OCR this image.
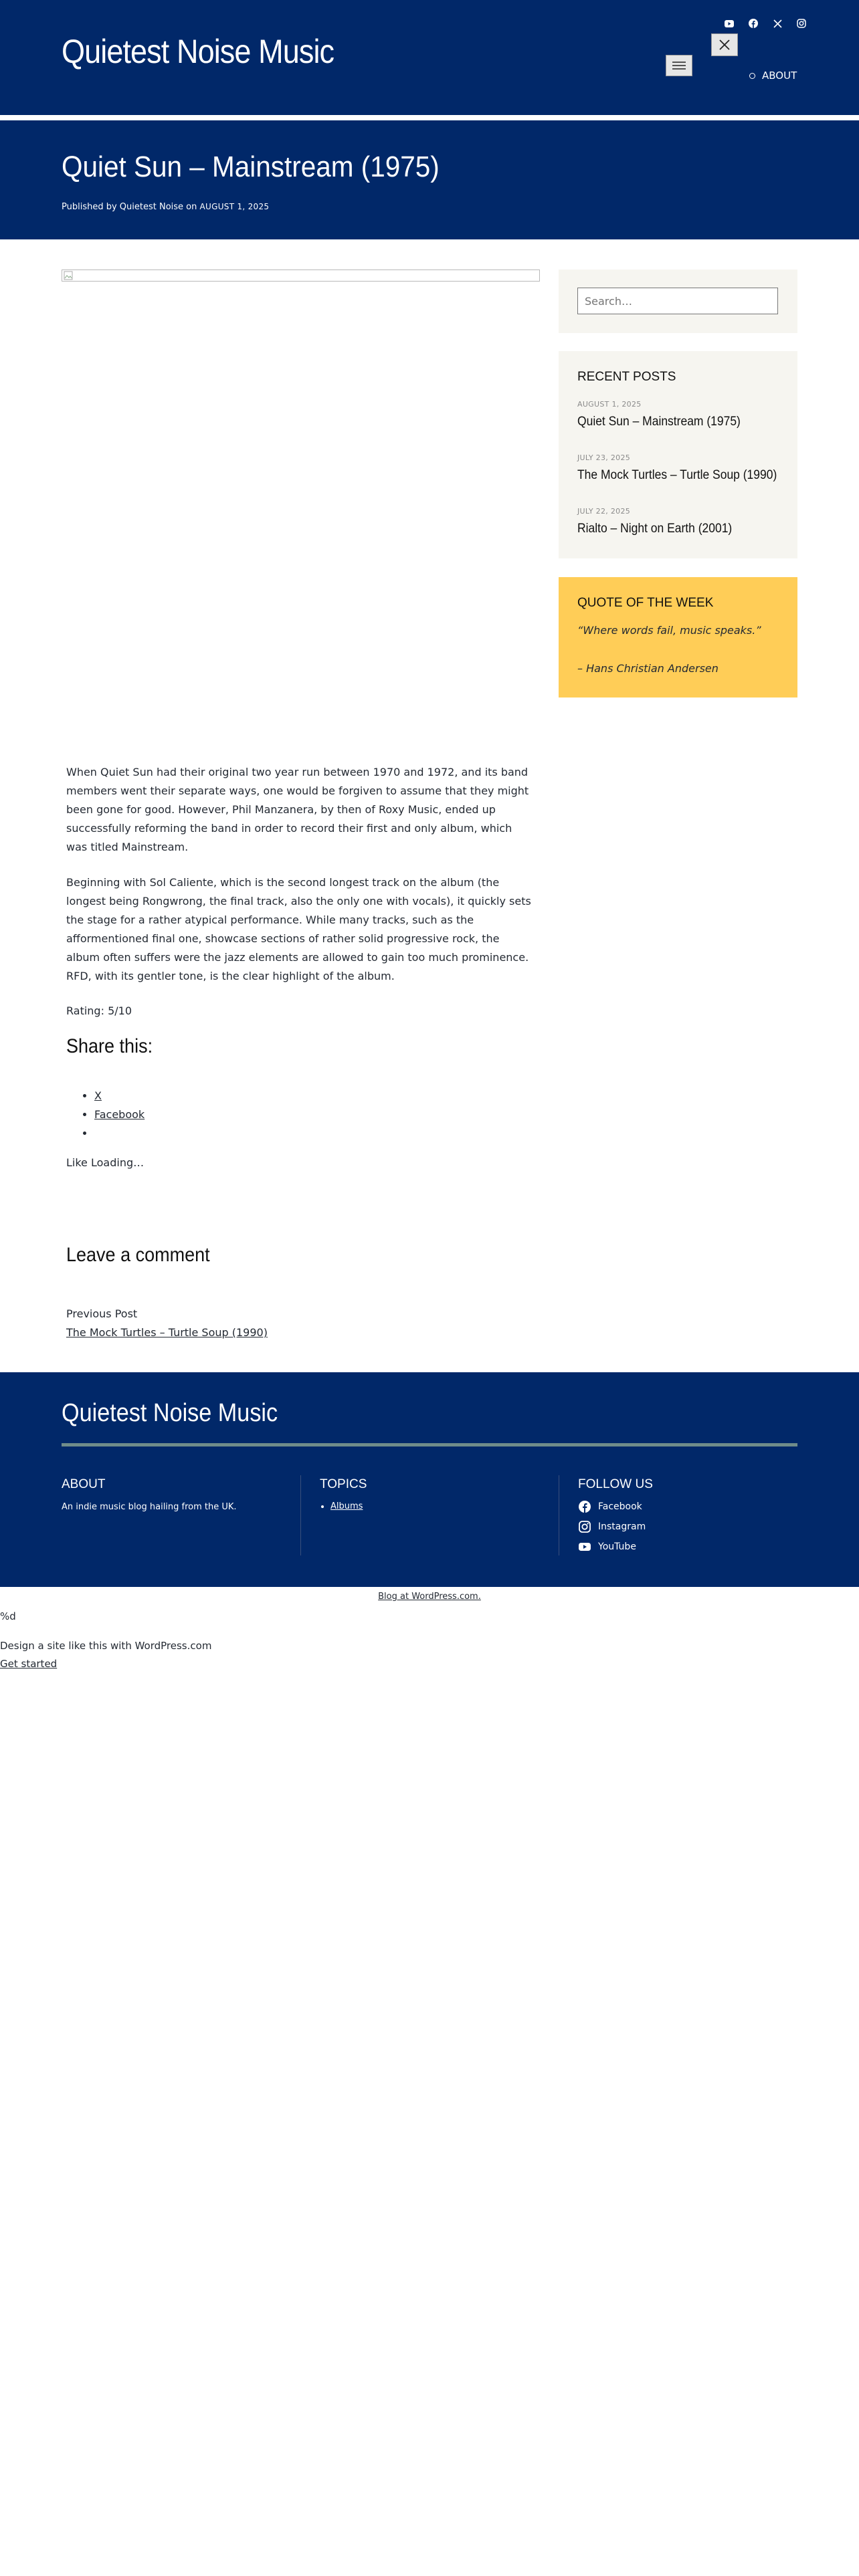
Quietest Noise Music
ABOUT
Quiet Sun – Mainstream (1975)
Published by Quietest Noise on AUGUST 1, 2025
Search…
RECENT POSTS
AUGUST 1, 2025
Quiet Sun – Mainstream (1975)
JULY 23, 2025
The Mock Turtles – Turtle Soup (1990)
JULY 22, 2025
Rialto – Night on Earth (2001)
QUOTE OF THE WEEK
“Where words fail, music speaks.”
– Hans Christian Andersen

When Quiet Sun had their original two year run between 1970 and 1972, and its band members went their separate ways, one would be forgiven to assume that they might been gone for good. However, Phil Manzanera, by then of Roxy Music, ended up successfully reforming the band in order to record their first and only album, which was titled Mainstream.

Beginning with Sol Caliente, which is the second longest track on the album (the longest being Rongwrong, the final track, also the only one with vocals), it quickly sets the stage for a rather atypical performance. While many tracks, such as the afformentioned final one, showcase sections of rather solid progressive rock, the album often suffers were the jazz elements are allowed to gain too much prominence. RFD, with its gentler tone, is the clear highlight of the album.

Rating: 5/10

Share this:
• X
• Facebook
•

Like Loading…

Leave a comment
Previous Post
The Mock Turtles – Turtle Soup (1990)
Quietest Noise Music
ABOUT
An indie music blog hailing from the UK.
TOPICS
• Albums
FOLLOW US
Facebook
Instagram
YouTube
Blog at WordPress.com.
%d
Design a site like this with WordPress.com
Get started
